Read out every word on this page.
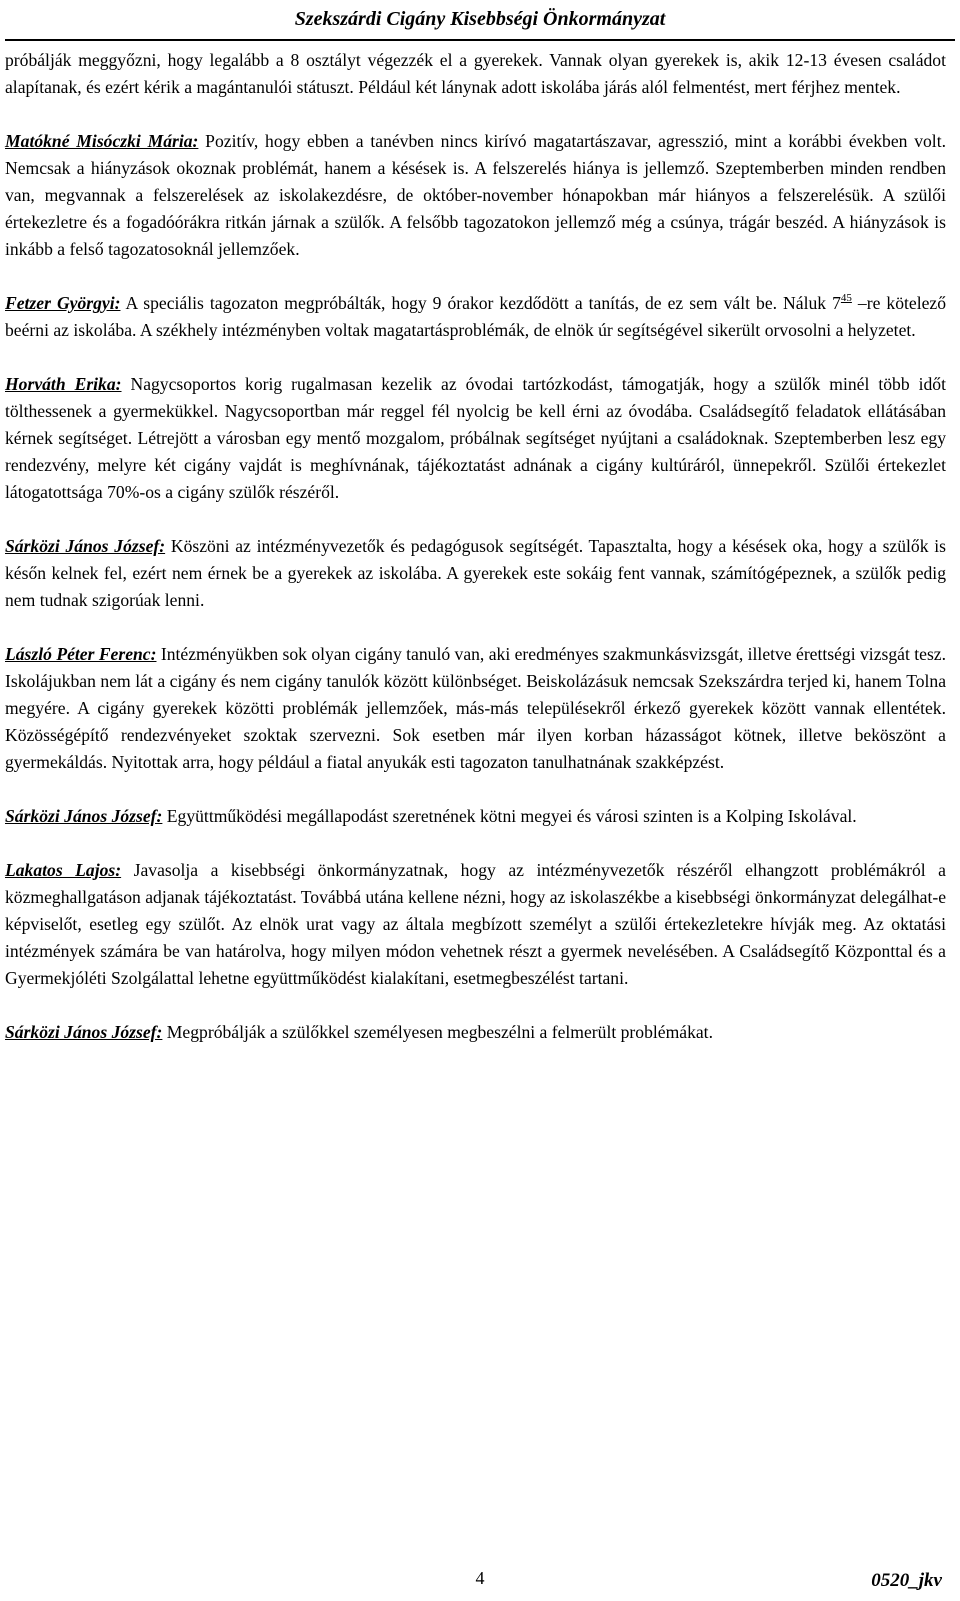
Szekszárdi Cigány Kisebbségi Önkormányzat

próbálják meggyőzni, hogy legalább a 8 osztályt végezzék el a gyerekek. Vannak olyan gyerekek is, akik 12-13 évesen családot alapítanak, és ezért kérik a magántanulói státuszt. Például két lánynak adott iskolába járás alól felmentést, mert férjhez mentek.

Matókné Misóczki Mária: Pozitív, hogy ebben a tanévben nincs kirívó magatartászavar, agresszió, mint a korábbi években volt. Nemcsak a hiányzások okoznak problémát, hanem a késések is. A felszerelés hiánya is jellemző. Szeptemberben minden rendben van, megvannak a felszerelések az iskolakezdésre, de október-november hónapokban már hiányos a felszerelésük. A szülői értekezletre és a fogadóórákra ritkán járnak a szülők. A felsőbb tagozatokon jellemző még a csúnya, trágár beszéd. A hiányzások is inkább a felső tagozatosoknál jellemzőek.

Fetzer Györgyi: A speciális tagozaton megpróbálták, hogy 9 órakor kezdődött a tanítás, de ez sem vált be. Náluk $7^{45}$ –re kötelező beérni az iskolába. A székhely intézményben voltak magatartásproblémák, de elnök úr segítségével sikerült orvosolni a helyzetet.

Horváth Erika: Nagycsoportos korig rugalmasan kezelik az óvodai tartózkodást, támogatják, hogy a szülők minél több időt tölthessenek a gyermekükkel. Nagycsoportban már reggel fél nyolcig be kell érni az óvodába. Családsegítő feladatok ellátásában kérnek segítséget. Létrejött a városban egy mentő mozgalom, próbálnak segítséget nyújtani a családoknak. Szeptemberben lesz egy rendezvény, melyre két cigány vajdát is meghívnának, tájékoztatást adnának a cigány kultúráról, ünnepekről. Szülői értekezlet látogatottsága 70%-os a cigány szülők részéről.

Sárközi János József: Köszöni az intézményvezetők és pedagógusok segítségét. Tapasztalta, hogy a késések oka, hogy a szülők is későn kelnek fel, ezért nem érnek be a gyerekek az iskolába. A gyerekek este sokáig fent vannak, számítógépeznek, a szülők pedig nem tudnak szigorúak lenni.

László Péter Ferenc: Intézményükben sok olyan cigány tanuló van, aki eredményes szakmunkásvizsgát, illetve érettségi vizsgát tesz. Iskolájukban nem lát a cigány és nem cigány tanulók között különbséget. Beiskolázásuk nemcsak Szekszárdra terjed ki, hanem Tolna megyére. A cigány gyerekek közötti problémák jellemzőek, más-más településekről érkező gyerekek között vannak ellentétek. Közösségépítő rendezvényeket szoktak szervezni. Sok esetben már ilyen korban házasságot kötnek, illetve beköszönt a gyermekáldás. Nyitottak arra, hogy például a fiatal anyukák esti tagozaton tanulhatnának szakképzést.

Sárközi János József: Együttműködési megállapodást szeretnének kötni megyei és városi szinten is a Kolping Iskolával.

Lakatos Lajos: Javasolja a kisebbségi önkormányzatnak, hogy az intézményvezetők részéről elhangzott problémákról a közmeghallgatáson adjanak tájékoztatást. Továbbá utána kellene nézni, hogy az iskolaszékbe a kisebbségi önkormányzat delegálhat-e képviselőt, esetleg egy szülőt. Az elnök urat vagy az általa megbízott személyt a szülői értekezletekre hívják meg. Az oktatási intézmények számára be van határolva, hogy milyen módon vehetnek részt a gyermek nevelésében. A Családsegítő Központtal és a Gyermekjóléti Szolgálattal lehetne együttműködést kialakítani, esetmegbeszélést tartani.

Sárközi János József: Megpróbálják a szülőkkel személyesen megbeszélni a felmerült problémákat.

4	0520_jkv
